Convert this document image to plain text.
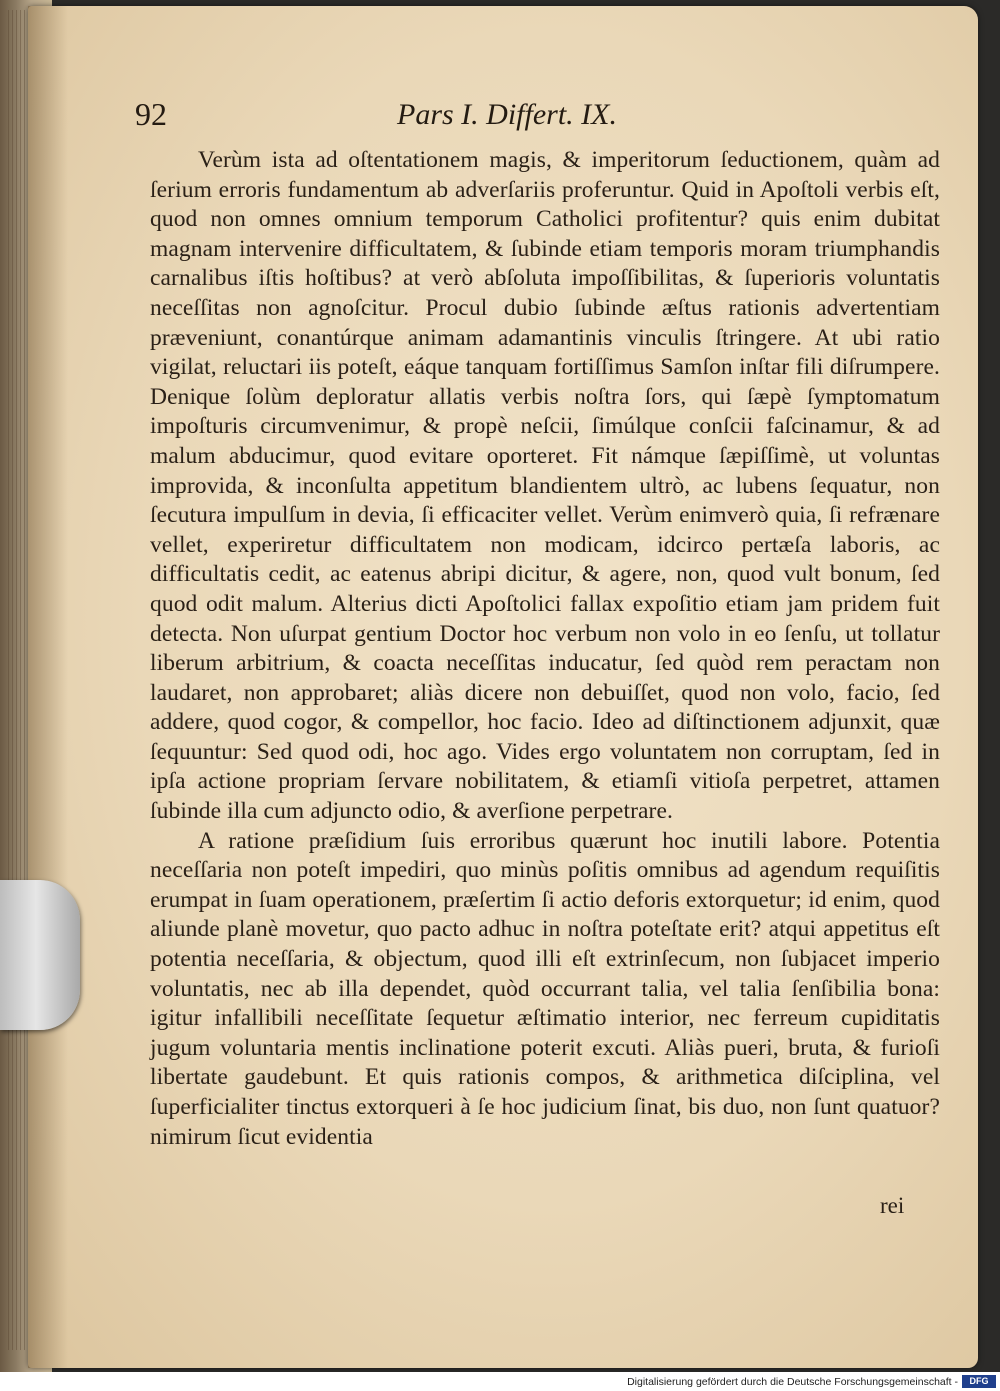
92	Pars I. Differt. IX.

Verùm ista ad oſtentationem magis, & imperitorum ſeductionem, quàm ad ſerium erroris fundamentum ab adverſariis proferuntur. Quid in Apoſtoli verbis eſt, quod non omnes omnium temporum Catholici profitentur? quis enim dubitat magnam intervenire difficultatem, & ſubinde etiam temporis moram triumphandis carnalibus iſtis hoſtibus? at verò abſoluta impoſſibilitas, & ſuperioris voluntatis neceſſitas non agnoſcitur. Procul dubio ſubinde æſtus rationis advertentiam præveniunt, conantúrque animam adamantinis vinculis ſtringere. At ubi ratio vigilat, reluctari iis poteſt, eáque tanquam fortiſſimus Samſon inſtar fili diſrumpere. Denique ſolùm deploratur allatis verbis noſtra ſors, qui ſæpè ſymptomatum impoſturis circumvenimur, & propè neſcii, ſimúlque conſcii faſcinamur, & ad malum abducimur, quod evitare oporteret. Fit námque ſæpiſſimè, ut voluntas improvida, & inconſulta appetitum blandientem ultrò, ac lubens ſequatur, non ſecutura impulſum in devia, ſi efficaciter vellet. Verùm enimverò quia, ſi refrænare vellet, experiretur difficultatem non modicam, idcirco pertæſa laboris, ac difficultatis cedit, ac eatenus abripi dicitur, & agere, non, quod vult bonum, ſed quod odit malum. Alterius dicti Apoſtolici fallax expoſitio etiam jam pridem fuit detecta. Non uſurpat gentium Doctor hoc verbum non volo in eo ſenſu, ut tollatur liberum arbitrium, & coacta neceſſitas inducatur, ſed quòd rem peractam non laudaret, non approbaret; aliàs dicere non debuiſſet, quod non volo, facio, ſed addere, quod cogor, & compellor, hoc facio. Ideo ad diſtinctionem adjunxit, quæ ſequuntur: Sed quod odi, hoc ago. Vides ergo voluntatem non corruptam, ſed in ipſa actione propriam ſervare nobilitatem, & etiamſi vitioſa perpetret, attamen ſubinde illa cum adjuncto odio, & averſione perpetrare.

A ratione præſidium ſuis erroribus quærunt hoc inutili labore. Potentia neceſſaria non poteſt impediri, quo minùs poſitis omnibus ad agendum requiſitis erumpat in ſuam operationem, præſertim ſi actio deforis extorquetur; id enim, quod aliunde planè movetur, quo pacto adhuc in noſtra poteſtate erit? atqui appetitus eſt potentia neceſſaria, & objectum, quod illi eſt extrinſecum, non ſubjacet imperio voluntatis, nec ab illa dependet, quòd occurrant talia, vel talia ſenſibilia bona: igitur infallibili neceſſitate ſequetur æſtimatio interior, nec ferreum cupiditatis jugum voluntaria mentis inclinatione poterit excuti. Aliàs pueri, bruta, & furioſi libertate gaudebunt. Et quis rationis compos, & arithmetica diſciplina, vel ſuperficialiter tinctus extorqueri à ſe hoc judicium ſinat, bis duo, non ſunt quatuor? nimirum ſicut evidentia

rei
Digitalisierung gefördert durch die Deutsche Forschungsgemeinschaft -	DFG
